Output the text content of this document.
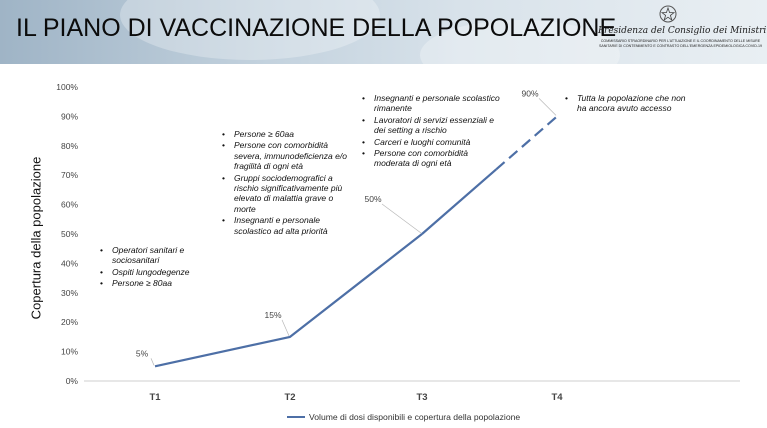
IL PIANO DI VACCINAZIONE DELLA POPOLAZIONE
Presidenza del Consiglio dei Ministri
COMMISSARIO STRAORDINARIO PER L'ATTUAZIONE E IL COORDINAMENTO DELLE MISURE SANITARIE DI CONTENIMENTO E CONTRASTO DELL'EMERGENZA EPIDEMIOLOGICA COVID-19
0%
10%
20%
30%
40%
50%
60%
70%
80%
90%
100%
T1	T2	T3	T4
5%
15%
50%
90%
Copertura della popolazione
•	Operatori sanitari e sociosanitari
• Ospiti lungodegenze
• Persone ≥ 80aa
• Persone ≥ 60aa
• Persone con comorbidità severa, immunodeficienza e/o fragilità di ogni età
• Gruppi sociodemografici a rischio significativamente più elevato di malattia grave o morte
• Insegnanti e personale scolastico ad alta priorità
• Insegnanti e personale scolastico rimanente
• Lavoratori di servizi essenziali e dei setting a rischio
• Carceri e luoghi comunità
• Persone con comorbidità moderata di ogni età
• Tutta la popolazione che non ha ancora avuto accesso
Volume di dosi disponibili e copertura della popolazione
